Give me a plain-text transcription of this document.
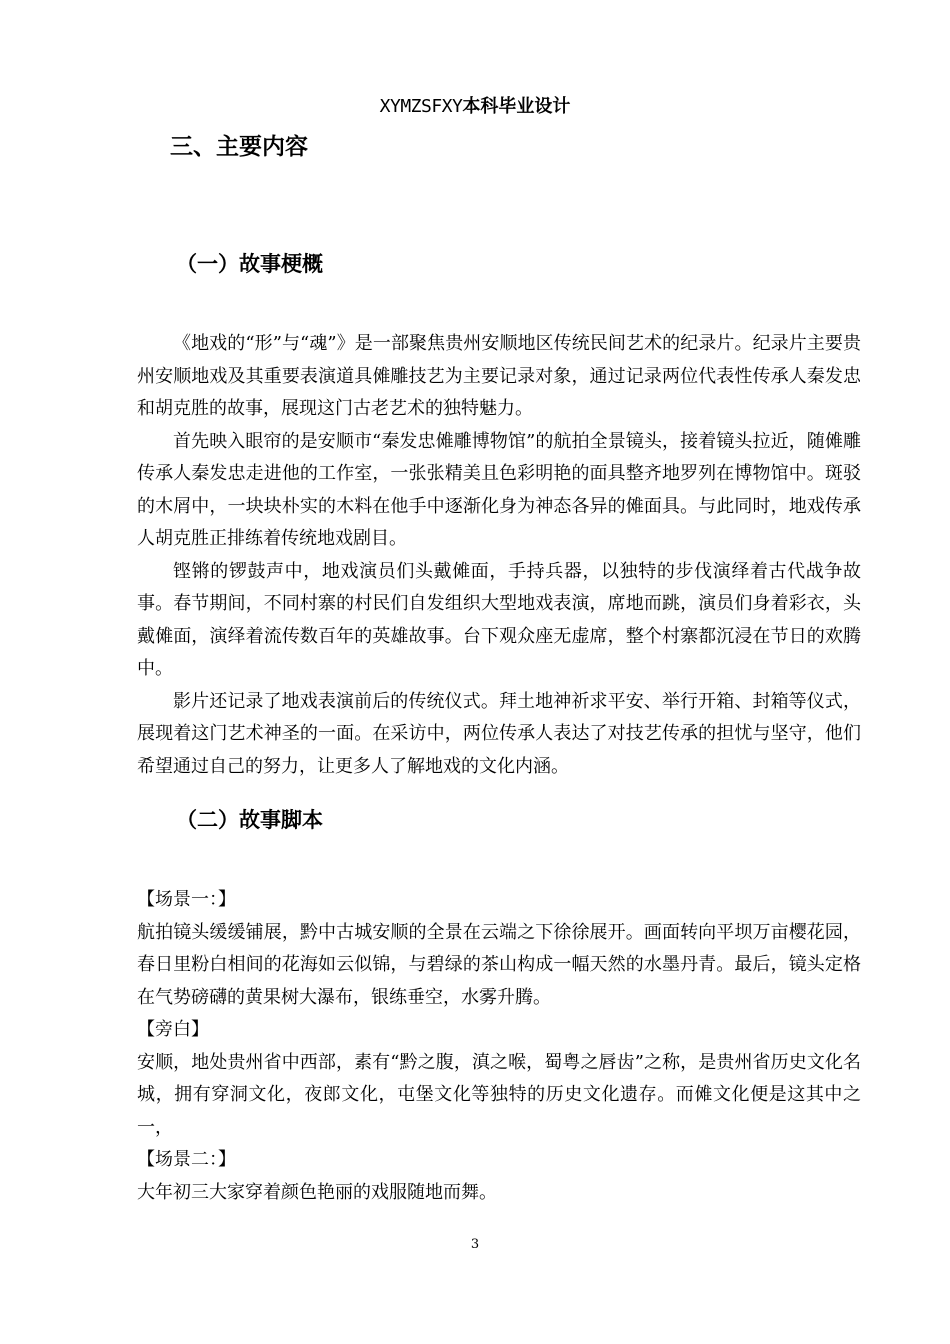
XYMZSFXY本科毕业设计
三、主要内容
（一）故事梗概

《地戏的“形”与“魂”》是一部聚焦贵州安顺地区传统民间艺术的纪录片。纪录片主要贵州安顺地戏及其重要表演道具傩雕技艺为主要记录对象，通过记录两位代表性传承人秦发忠和胡克胜的故事，展现这门古老艺术的独特魅力。

首先映入眼帘的是安顺市“秦发忠傩雕博物馆”的航拍全景镜头，接着镜头拉近，随傩雕传承人秦发忠走进他的工作室，一张张精美且色彩明艳的面具整齐地罗列在博物馆中。斑驳的木屑中，一块块朴实的木料在他手中逐渐化身为神态各异的傩面具。与此同时，地戏传承人胡克胜正排练着传统地戏剧目。

铿锵的锣鼓声中，地戏演员们头戴傩面，手持兵器，以独特的步伐演绎着古代战争故事。春节期间，不同村寨的村民们自发组织大型地戏表演，席地而跳，演员们身着彩衣，头戴傩面，演绎着流传数百年的英雄故事。台下观众座无虚席，整个村寨都沉浸在节日的欢腾中。

影片还记录了地戏表演前后的传统仪式。拜土地神祈求平安、举行开箱、封箱等仪式，展现着这门艺术神圣的一面。在采访中，两位传承人表达了对技艺传承的担忧与坚守，他们希望通过自己的努力，让更多人了解地戏的文化内涵。

（二）故事脚本

【场景一：】

航拍镜头缓缓铺展，黔中古城安顺的全景在云端之下徐徐展开。画面转向平坝万亩樱花园，春日里粉白相间的花海如云似锦，与碧绿的茶山构成一幅天然的水墨丹青。最后，镜头定格在气势磅礴的黄果树大瀑布，银练垂空，水雾升腾。

【旁白】

安顺，地处贵州省中西部，素有“黔之腹，滇之喉，蜀粤之唇齿”之称，是贵州省历史文化名城，拥有穿洞文化，夜郎文化，屯堡文化等独特的历史文化遗存。而傩文化便是这其中之一，

【场景二：】

大年初三大家穿着颜色艳丽的戏服随地而舞。

3
